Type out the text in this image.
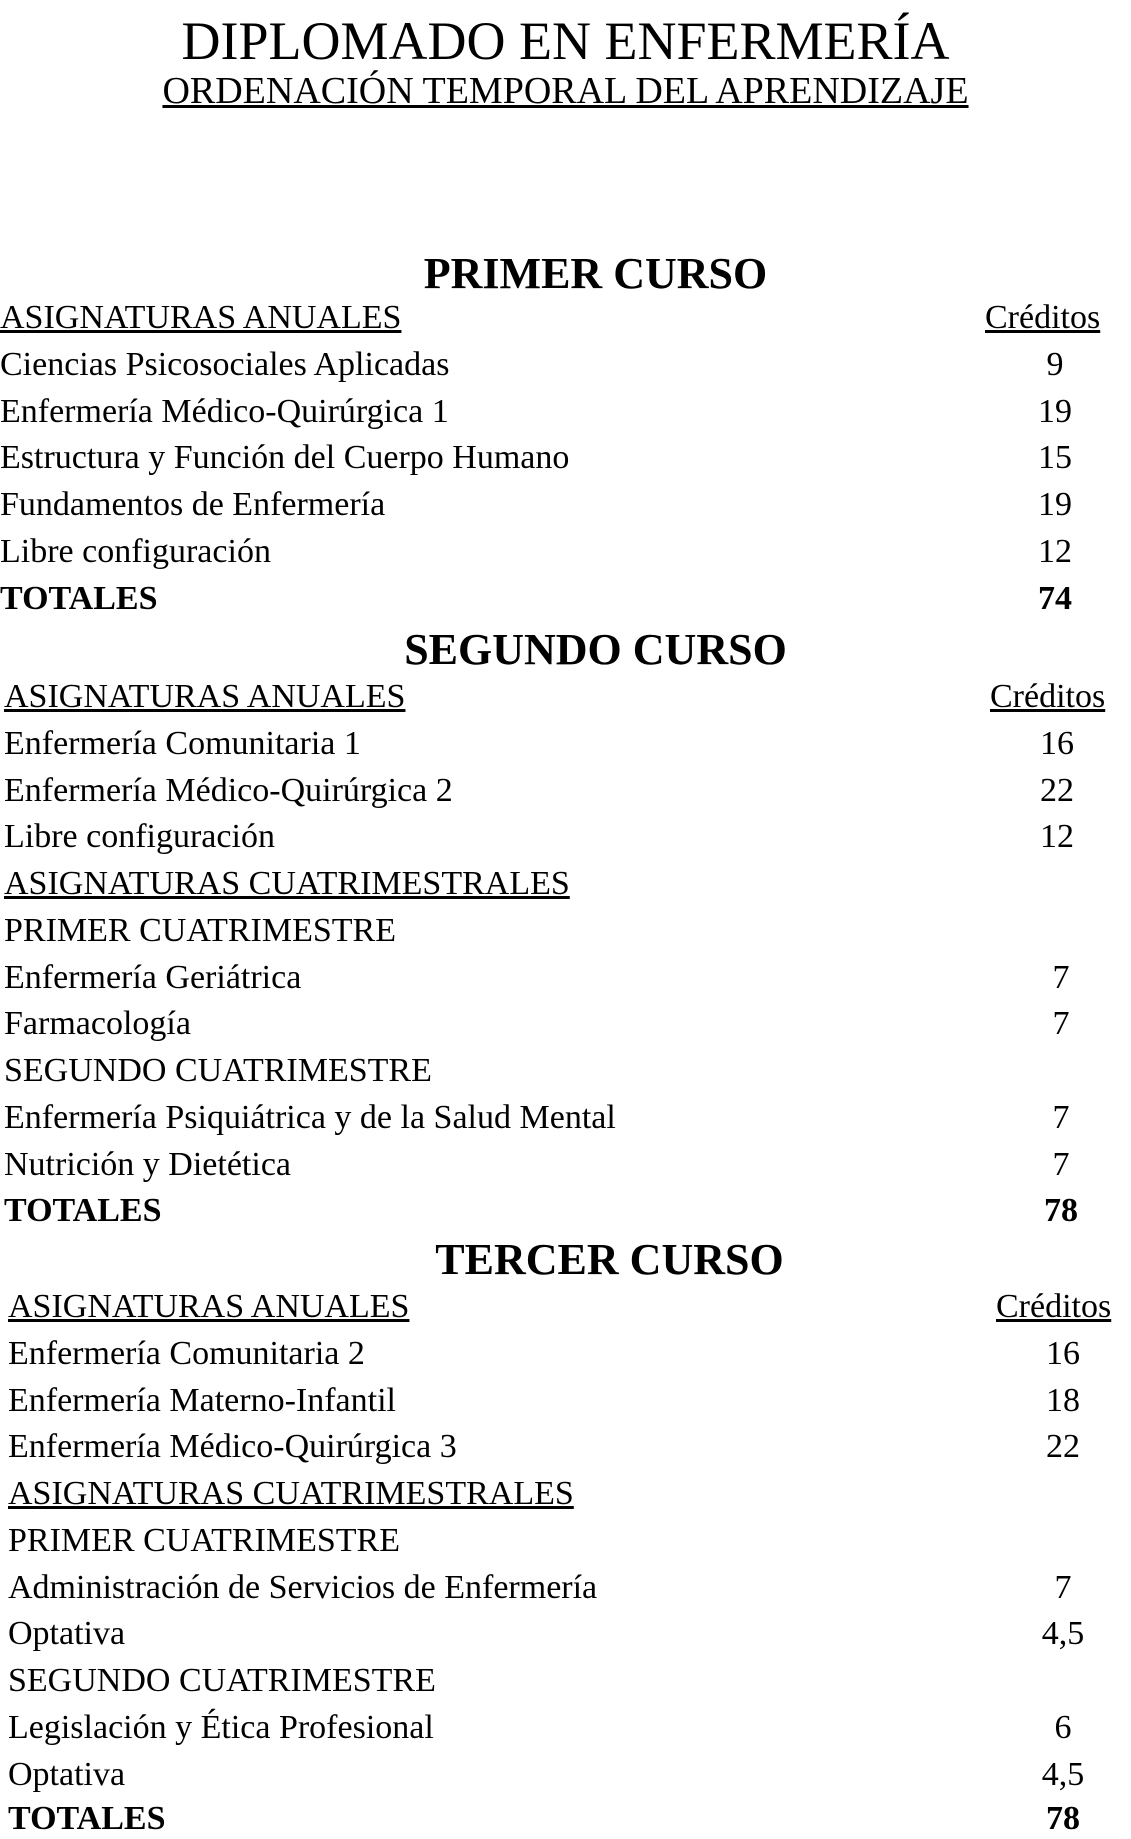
DIPLOMADO EN ENFERMERÍA
ORDENACIÓN TEMPORAL DEL APRENDIZAJE
PRIMER CURSO
ASIGNATURAS ANUALES	Créditos
Ciencias Psicosociales Aplicadas	9
Enfermería Médico-Quirúrgica 1	19
Estructura y Función del Cuerpo Humano	15
Fundamentos de Enfermería	19
Libre configuración	12
TOTALES	74
SEGUNDO CURSO
ASIGNATURAS ANUALES	Créditos
Enfermería Comunitaria 1	16
Enfermería Médico-Quirúrgica 2	22
Libre configuración	12
ASIGNATURAS CUATRIMESTRALES
PRIMER CUATRIMESTRE
Enfermería Geriátrica	7
Farmacología	7
SEGUNDO CUATRIMESTRE
Enfermería Psiquiátrica y de la Salud Mental	7
Nutrición y Dietética	7
TOTALES	78
TERCER CURSO
ASIGNATURAS ANUALES	Créditos
Enfermería Comunitaria 2	16
Enfermería Materno-Infantil	18
Enfermería Médico-Quirúrgica 3	22
ASIGNATURAS CUATRIMESTRALES
PRIMER CUATRIMESTRE
Administración de Servicios de Enfermería	7
Optativa	4,5
SEGUNDO CUATRIMESTRE
Legislación y Ética Profesional	6
Optativa	4,5
TOTALES	78
